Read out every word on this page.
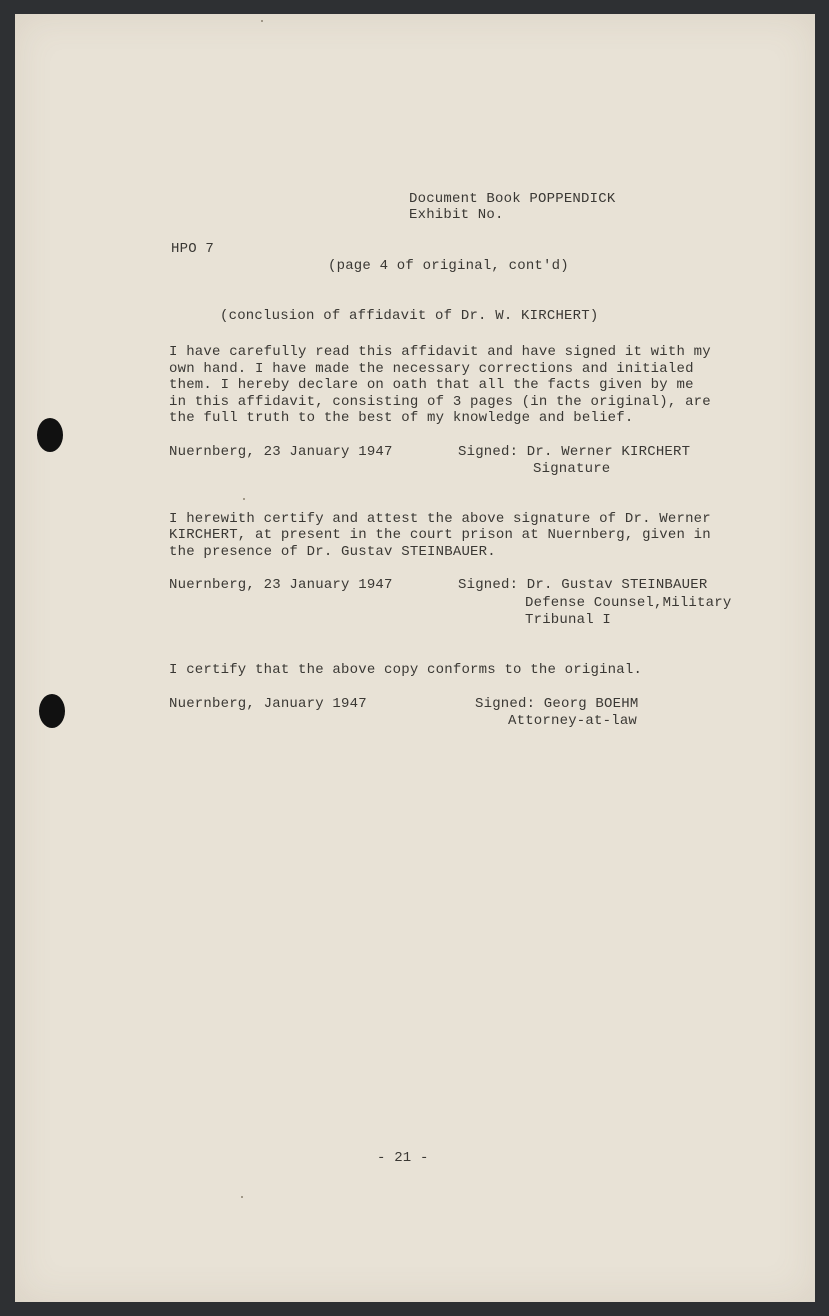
Document Book POPPENDICK
Exhibit No.
HPO 7
(page 4 of original, cont'd)
(conclusion of affidavit of Dr. W. KIRCHERT)
I have carefully read this affidavit and have signed it with my
own hand. I have made the necessary corrections and initialed
them. I hereby declare on oath that all the facts given by me
in this affidavit, consisting of 3 pages (in the original), are
the full truth to the best of my knowledge and belief.
Nuernberg, 23 January 1947	Signed: Dr. Werner KIRCHERT
Signature
I herewith certify and attest the above signature of Dr. Werner
KIRCHERT, at present in the court prison at Nuernberg, given in
the presence of Dr. Gustav STEINBAUER.
Nuernberg, 23 January 1947	Signed: Dr. Gustav STEINBAUER
Defense Counsel,Military
Tribunal I
I certify that the above copy conforms to the original.
Nuernberg, January 1947	Signed: Georg BOEHM
Attorney-at-law
- 21 -
